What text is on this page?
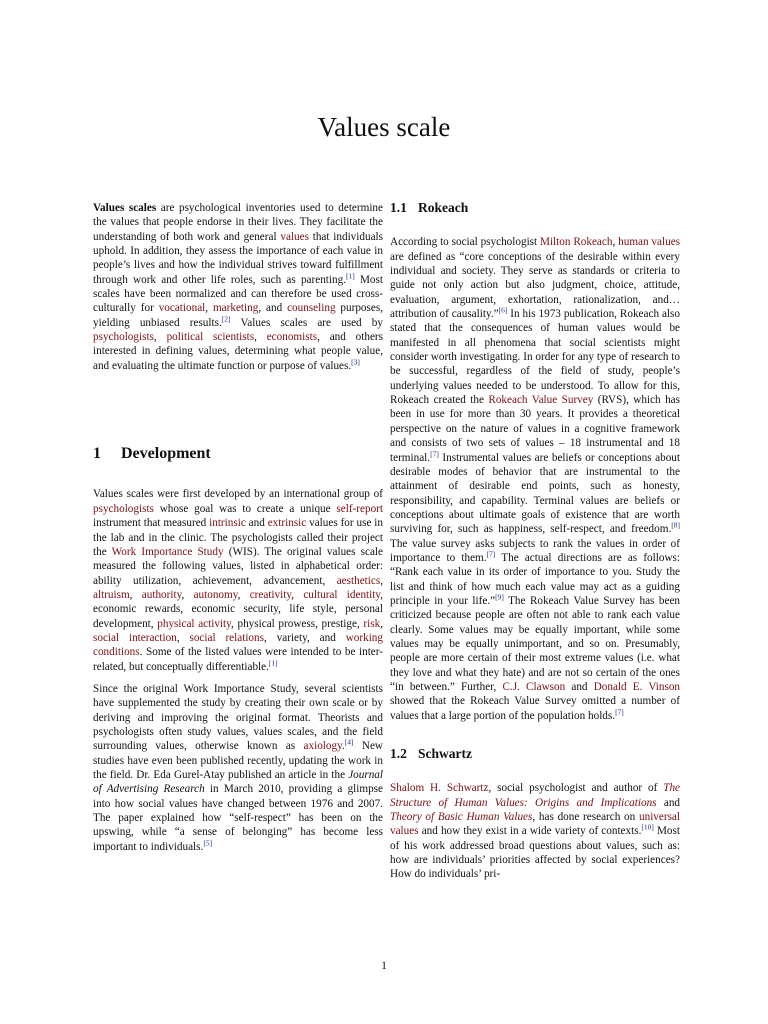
Values scale

Values scales are psychological inventories used to determine the values that people endorse in their lives. They facilitate the understanding of both work and general values that individuals uphold. In addition, they assess the importance of each value in people’s lives and how the individual strives toward fulfillment through work and other life roles, such as parenting.[1] Most scales have been normalized and can therefore be used cross-culturally for vocational, marketing, and counseling purposes, yielding unbiased results.[2] Values scales are used by psychologists, political scientists, economists, and others interested in defining values, determining what people value, and evaluating the ultimate function or purpose of values.[3]

1 Development

Values scales were first developed by an international group of psychologists whose goal was to create a unique self-report instrument that measured intrinsic and extrinsic values for use in the lab and in the clinic. The psychologists called their project the Work Importance Study (WIS). The original values scale measured the following values, listed in alphabetical order: ability utilization, achievement, advancement, aesthetics, altruism, authority, autonomy, creativity, cultural identity, economic rewards, economic security, life style, personal development, physical activity, physical prowess, prestige, risk, social interaction, social relations, variety, and working conditions. Some of the listed values were intended to be inter-related, but conceptually differentiable.[1]

Since the original Work Importance Study, several scientists have supplemented the study by creating their own scale or by deriving and improving the original format. Theorists and psychologists often study values, values scales, and the field surrounding values, otherwise known as axiology.[4] New studies have even been published recently, updating the work in the field. Dr. Eda Gurel-Atay published an article in the Journal of Advertising Research in March 2010, providing a glimpse into how social values have changed between 1976 and 2007. The paper explained how “self-respect” has been on the upswing, while “a sense of belonging” has become less important to individuals.[5]

1.1 Rokeach

According to social psychologist Milton Rokeach, human values are defined as “core conceptions of the desirable within every individual and society. They serve as standards or criteria to guide not only action but also judgment, choice, attitude, evaluation, argument, exhortation, rationalization, and…attribution of causality.”[6] In his 1973 publication, Rokeach also stated that the consequences of human values would be manifested in all phenomena that social scientists might consider worth investigating. In order for any type of research to be successful, regardless of the field of study, people’s underlying values needed to be understood. To allow for this, Rokeach created the Rokeach Value Survey (RVS), which has been in use for more than 30 years. It provides a theoretical perspective on the nature of values in a cognitive framework and consists of two sets of values – 18 instrumental and 18 terminal.[7] Instrumental values are beliefs or conceptions about desirable modes of behavior that are instrumental to the attainment of desirable end points, such as honesty, responsibility, and capability. Terminal values are beliefs or conceptions about ultimate goals of existence that are worth surviving for, such as happiness, self-respect, and freedom.[8] The value survey asks subjects to rank the values in order of importance to them.[7] The actual directions are as follows: “Rank each value in its order of importance to you. Study the list and think of how much each value may act as a guiding principle in your life.”[9] The Rokeach Value Survey has been criticized because people are often not able to rank each value clearly. Some values may be equally important, while some values may be equally unimportant, and so on. Presumably, people are more certain of their most extreme values (i.e. what they love and what they hate) and are not so certain of the ones “in between.” Further, C.J. Clawson and Donald E. Vinson showed that the Rokeach Value Survey omitted a number of values that a large portion of the population holds.[7]

1.2 Schwartz

Shalom H. Schwartz, social psychologist and author of The Structure of Human Values: Origins and Implications and Theory of Basic Human Values, has done research on universal values and how they exist in a wide variety of contexts.[10] Most of his work addressed broad questions about values, such as: how are individuals’ priorities affected by social experiences? How do individuals’ pri-

1
